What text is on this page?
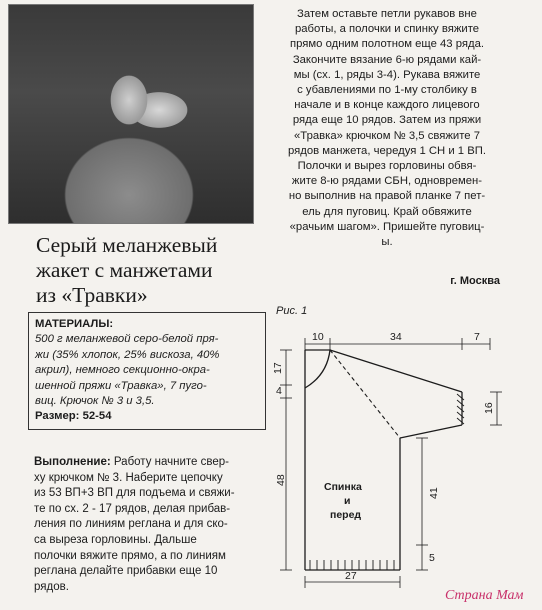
Серый меланжевый
жакет с манжетами
из «Травки»
МАТЕРИАЛЫ:
500 г меланжевой серо-белой пря-
жи (35% хлопок, 25% вискоза, 40%
акрил), немного секционно-окра-
шенной пряжи «Травка», 7 пуго-
виц. Крючок № 3 и 3,5.
Размер: 52-54
Выполнение: Работу начните свер-
ху крючком № 3. Наберите цепочку
из 53 ВП+3 ВП для подъема и свяжи-
те по сх. 2 - 17 рядов, делая прибав-
ления по линиям реглана и для ско-
са выреза горловины. Дальше
полочки вяжите прямо, а по линиям
реглана делайте прибавки еще 10
рядов.
Затем оставьте петли рукавов вне
работы, а полочки и спинку вяжите
прямо одним полотном еще 43 ряда.
Закончите вязание 6-ю рядами кай-
мы (сх. 1, ряды 3-4). Рукава вяжите
с убавлениями по 1-му столбику в
начале и в конце каждого лицевого
ряда еще 10 рядов. Затем из пряжи
«Травка» крючком № 3,5 свяжите 7
рядов манжета, чередуя 1 СН и 1 ВП.
Полочки и вырез горловины обвя-
жите 8-ю рядами СБН, одновремен-
но выполнив на правой планке 7 пет-
ель для пуговиц. Край обвяжите
«рачьим шагом». Пришейте пуговиц-
ы.
г. Москва
Рис. 1
10	34	7
17
4
48
16
41
5
27
Спинка
и
перед
Страна Мам
